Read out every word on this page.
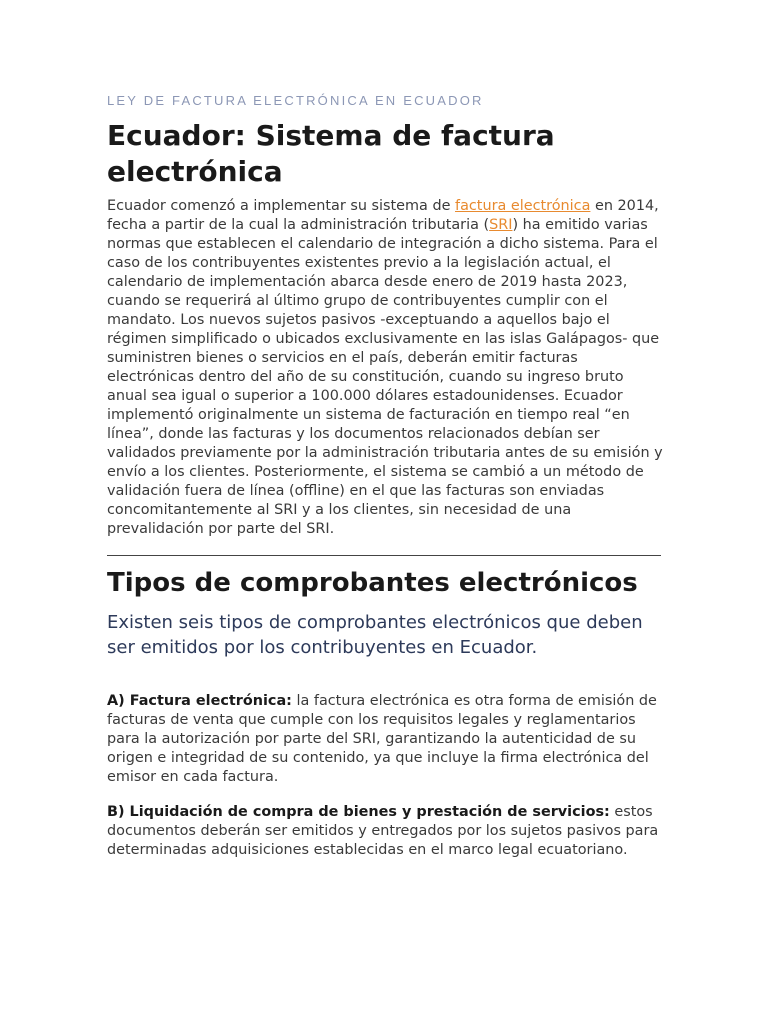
LEY DE FACTURA ELECTRÓNICA EN ECUADOR
Ecuador: Sistema de factura electrónica

Ecuador comenzó a implementar su sistema de factura electrónica en 2014, fecha a partir de la cual la administración tributaria (SRI) ha emitido varias normas que establecen el calendario de integración a dicho sistema. Para el caso de los contribuyentes existentes previo a la legislación actual, el calendario de implementación abarca desde enero de 2019 hasta 2023, cuando se requerirá al último grupo de contribuyentes cumplir con el mandato. Los nuevos sujetos pasivos -exceptuando a aquellos bajo el régimen simplificado o ubicados exclusivamente en las islas Galápagos- que suministren bienes o servicios en el país, deberán emitir facturas electrónicas dentro del año de su constitución, cuando su ingreso bruto anual sea igual o superior a 100.000 dólares estadounidenses. Ecuador implementó originalmente un sistema de facturación en tiempo real “en línea”, donde las facturas y los documentos relacionados debían ser validados previamente por la administración tributaria antes de su emisión y envío a los clientes. Posteriormente, el sistema se cambió a un método de validación fuera de línea (offline) en el que las facturas son enviadas concomitantemente al SRI y a los clientes, sin necesidad de una prevalidación por parte del SRI.

Tipos de comprobantes electrónicos

Existen seis tipos de comprobantes electrónicos que deben ser emitidos por los contribuyentes en Ecuador.

A) Factura electrónica: la factura electrónica es otra forma de emisión de facturas de venta que cumple con los requisitos legales y reglamentarios para la autorización por parte del SRI, garantizando la autenticidad de su origen e integridad de su contenido, ya que incluye la firma electrónica del emisor en cada factura.

B) Liquidación de compra de bienes y prestación de servicios: estos documentos deberán ser emitidos y entregados por los sujetos pasivos para determinadas adquisiciones establecidas en el marco legal ecuatoriano.
